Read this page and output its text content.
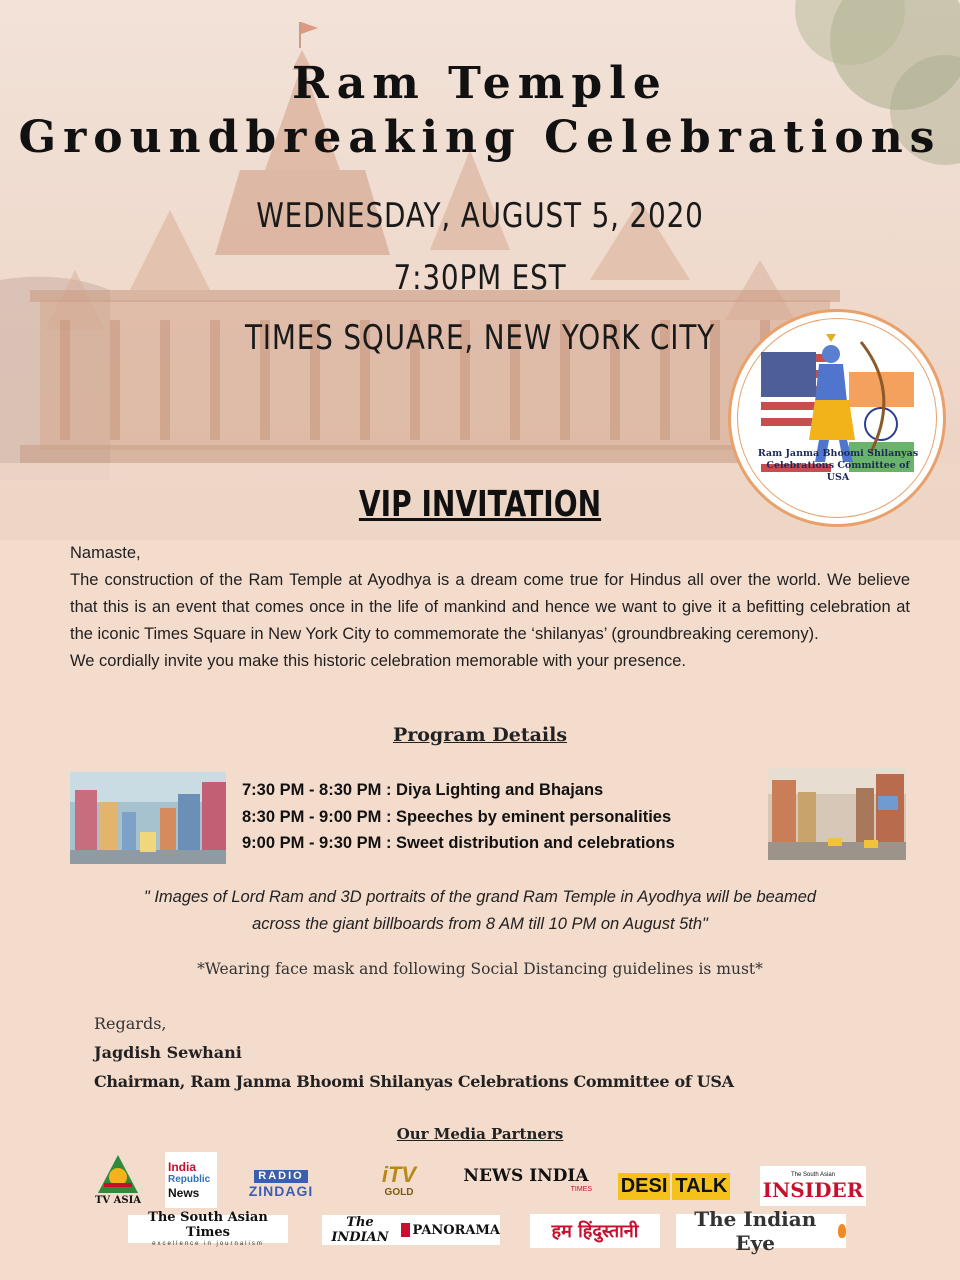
Ram Temple
Groundbreaking Celebrations
WEDNESDAY, AUGUST 5, 2020
7:30PM EST
TIMES SQUARE, NEW YORK CITY
Ram Janma Bhoomi Shilanyas
Celebrations Committee of
USA
VIP INVITATION

Namaste,

The construction of the Ram Temple at Ayodhya is a dream come true for Hindus all over the world. We believe that this is an event that comes once in the life of mankind and hence we want to give it a befitting celebration at the iconic Times Square in New York City to commemorate the ‘shilanyas’ (groundbreaking ceremony).

We cordially invite you make this historic celebration memorable with your presence.

Program Details
7:30 PM - 8:30 PM : Diya Lighting and Bhajans
8:30 PM - 9:00 PM : Speeches by eminent personalities
9:00 PM - 9:30 PM : Sweet distribution and celebrations
" Images of Lord Ram and 3D portraits of the grand Ram Temple in Ayodhya will be beamed
across the giant billboards from 8 AM till 10 PM on August 5th"
*Wearing face mask and following Social Distancing guidelines is must*
Regards,
Jagdish Sewhani
Chairman, Ram Janma Bhoomi Shilanyas Celebrations Committee of USA
Our Media Partners
TV ASIA
India
Republic
News
RADIO
ZINDAGI
iTV
GOLD
NEWS INDIA
TIMES DESI TALK	The South Asian
INSIDER
The South Asian Times
excellence in journalism
The INDIAN	PANORAMA	हम हिंदुस्तानी
The Indian Eye
